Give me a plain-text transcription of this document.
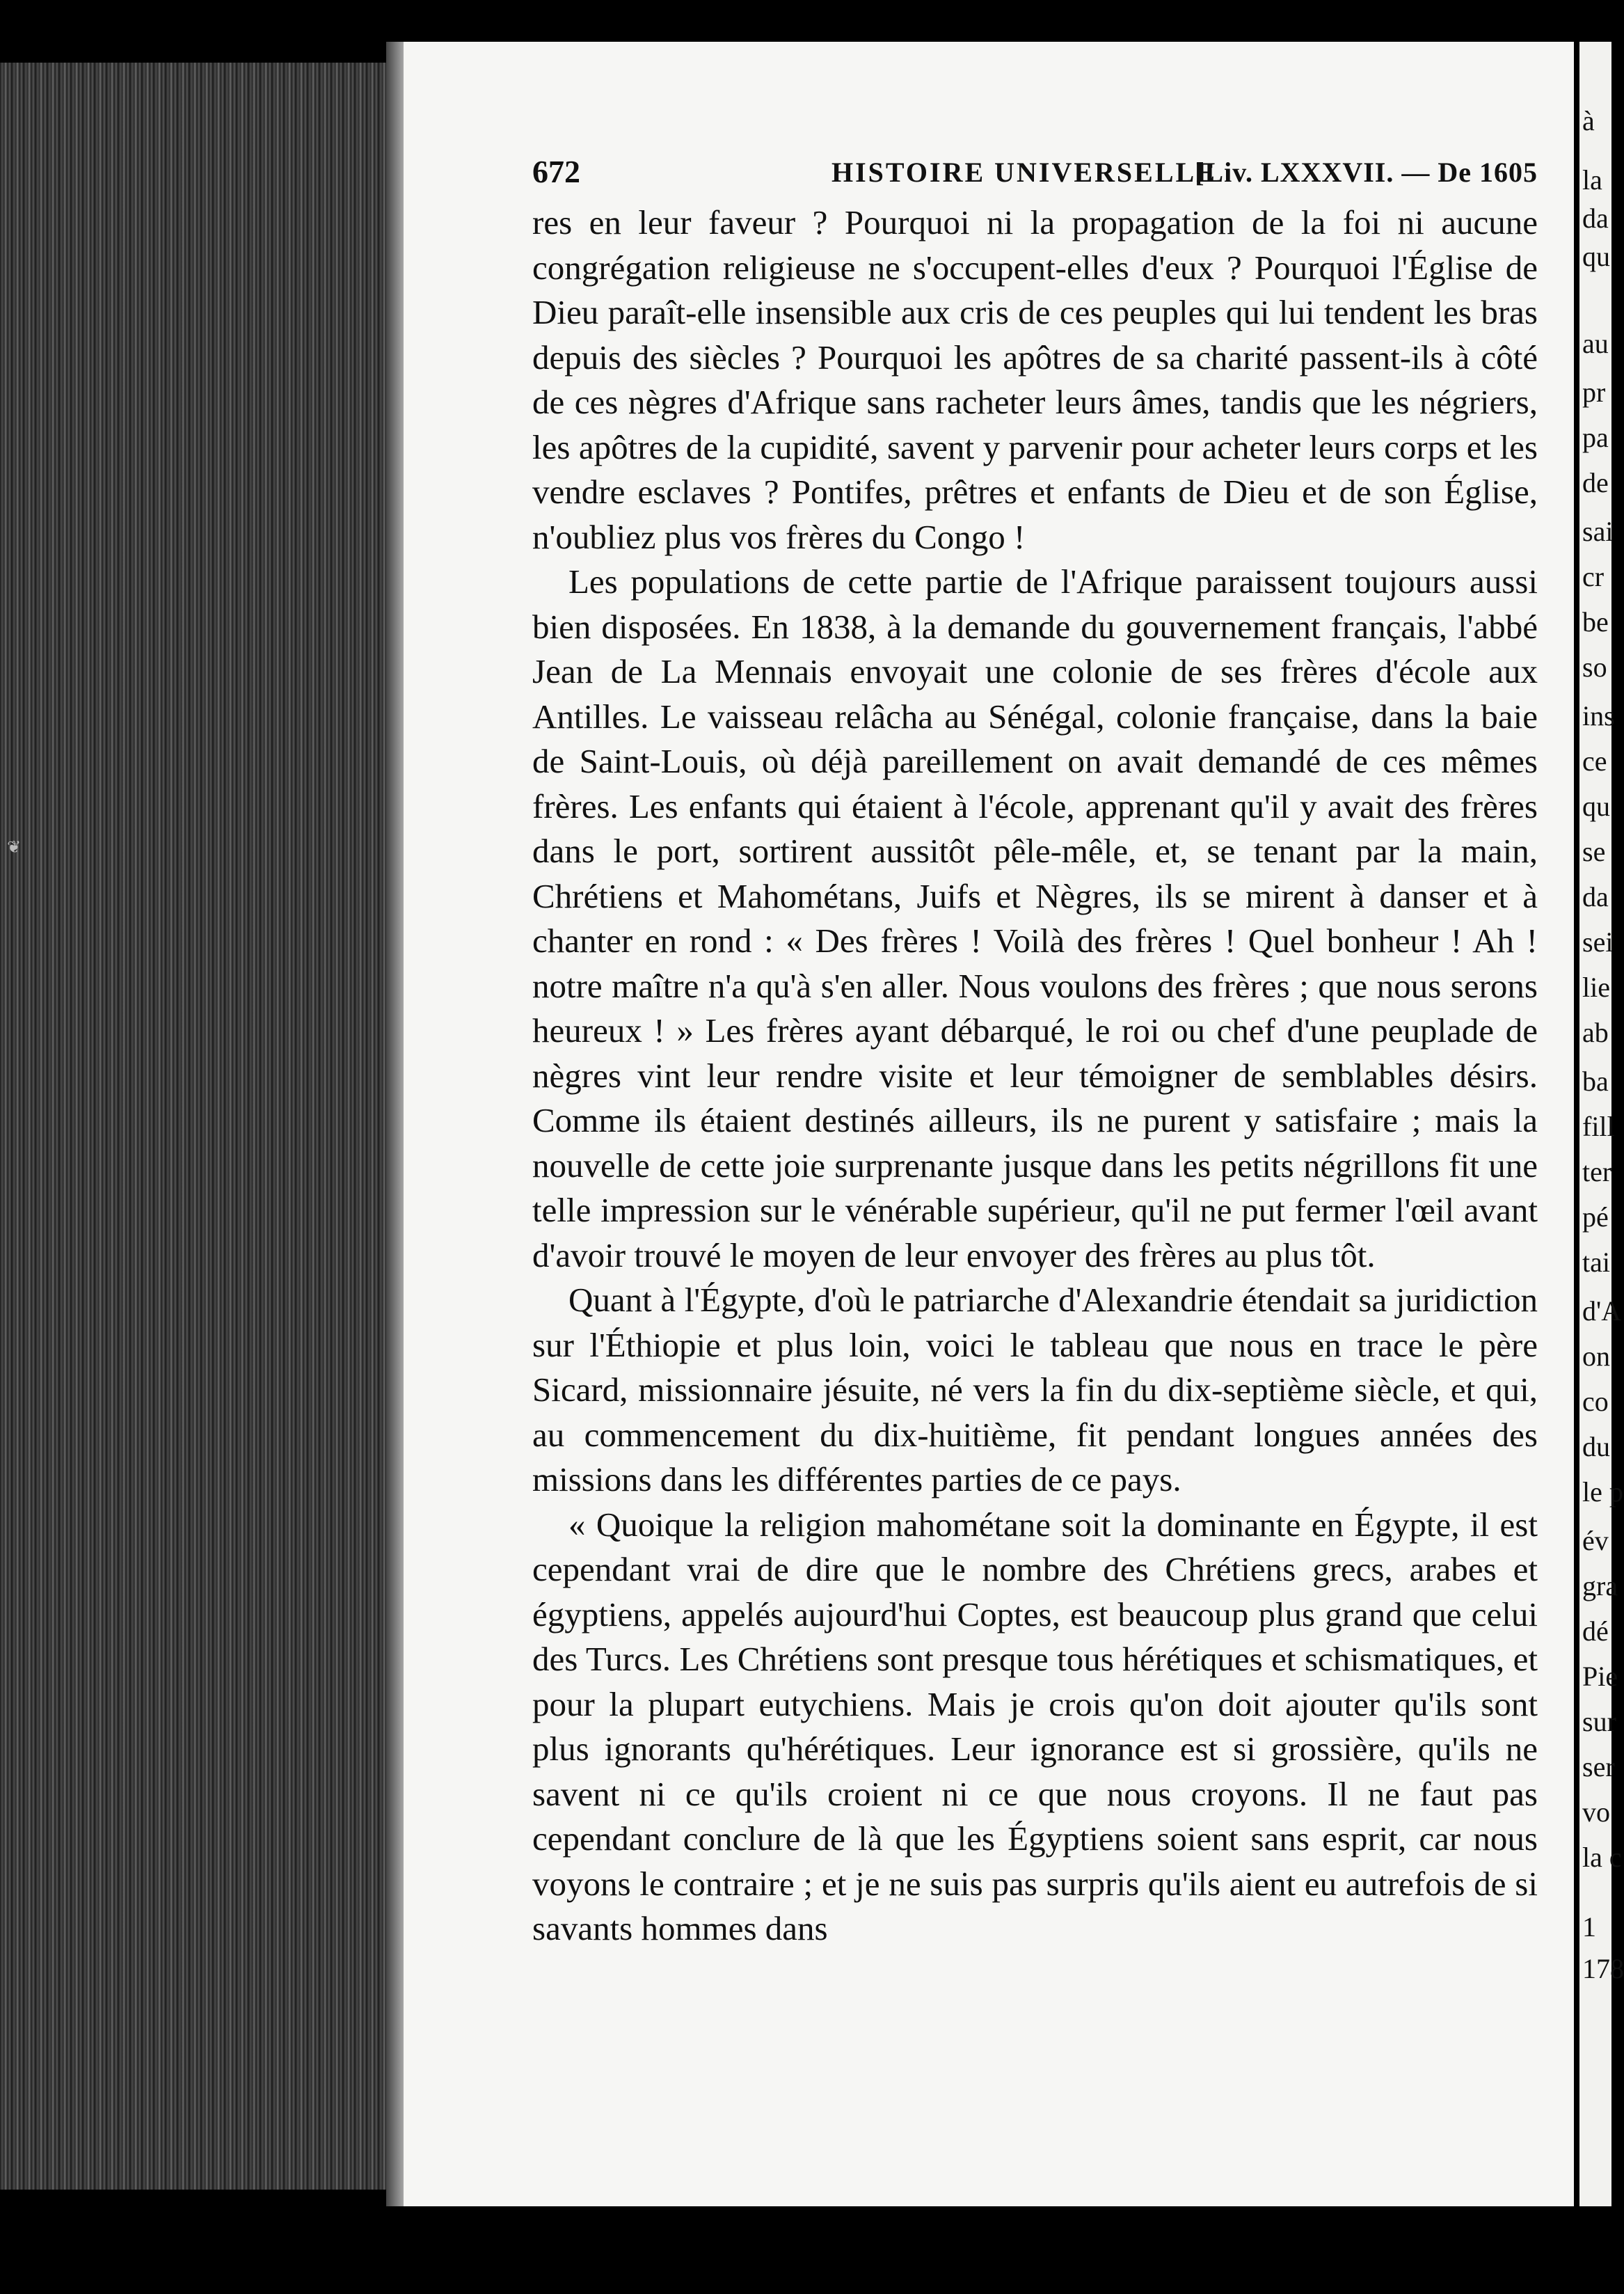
❦
672	HISTOIRE UNIVERSELLE
[Liv. LXXXVII. — De 1605

res en leur faveur ? Pourquoi ni la propagation de la foi ni aucune congrégation religieuse ne s'occupent-elles d'eux ? Pourquoi l'Église de Dieu paraît-elle insensible aux cris de ces peuples qui lui tendent les bras depuis des siècles ? Pourquoi les apôtres de sa charité passent-ils à côté de ces nègres d'Afrique sans racheter leurs âmes, tandis que les négriers, les apôtres de la cupidité, savent y parvenir pour acheter leurs corps et les vendre esclaves ? Pontifes, prêtres et enfants de Dieu et de son Église, n'oubliez plus vos frères du Congo !

Les populations de cette partie de l'Afrique paraissent toujours aussi bien disposées. En 1838, à la demande du gouvernement français, l'abbé Jean de La Mennais envoyait une colonie de ses frères d'école aux Antilles. Le vaisseau relâcha au Sénégal, colonie française, dans la baie de Saint-Louis, où déjà pareillement on avait demandé de ces mêmes frères. Les enfants qui étaient à l'école, apprenant qu'il y avait des frères dans le port, sortirent aussitôt pêle-mêle, et, se tenant par la main, Chrétiens et Mahométans, Juifs et Nègres, ils se mirent à danser et à chanter en rond : « Des frères ! Voilà des frères ! Quel bonheur ! Ah ! notre maître n'a qu'à s'en aller. Nous voulons des frères ; que nous serons heureux ! » Les frères ayant débarqué, le roi ou chef d'une peuplade de nègres vint leur rendre visite et leur témoigner de semblables désirs. Comme ils étaient destinés ailleurs, ils ne purent y satisfaire ; mais la nouvelle de cette joie surprenante jusque dans les petits négrillons fit une telle impression sur le vénérable supérieur, qu'il ne put fermer l'œil avant d'avoir trouvé le moyen de leur envoyer des frères au plus tôt.

Quant à l'Égypte, d'où le patriarche d'Alexandrie étendait sa juridiction sur l'Éthiopie et plus loin, voici le tableau que nous en trace le père Sicard, missionnaire jésuite, né vers la fin du dix-septième siècle, et qui, au commencement du dix-huitième, fit pendant longues années des missions dans les différentes parties de ce pays.

« Quoique la religion mahométane soit la dominante en Égypte, il est cependant vrai de dire que le nombre des Chrétiens grecs, arabes et égyptiens, appelés aujourd'hui Coptes, est beaucoup plus grand que celui des Turcs. Les Chrétiens sont presque tous hérétiques et schismatiques, et pour la plupart eutychiens. Mais je crois qu'on doit ajouter qu'ils sont plus ignorants qu'hérétiques. Leur ignorance est si grossière, qu'ils ne savent ni ce qu'ils croient ni ce que nous croyons. Il ne faut pas cependant conclure de là que les Égyptiens soient sans esprit, car nous voyons le contraire ; et je ne suis pas surpris qu'ils aient eu autrefois de si savants hommes dans

à
la
da
qu
au
pr
pa
de
sai
cr
be
so
ins
ce
qu
se
da
sei
lie
ab
ba
fill
ter
pé
tai
d'A
on
co
du
le p
év
gra
dé
Pie
sur
ser
vo
la c
1
178
